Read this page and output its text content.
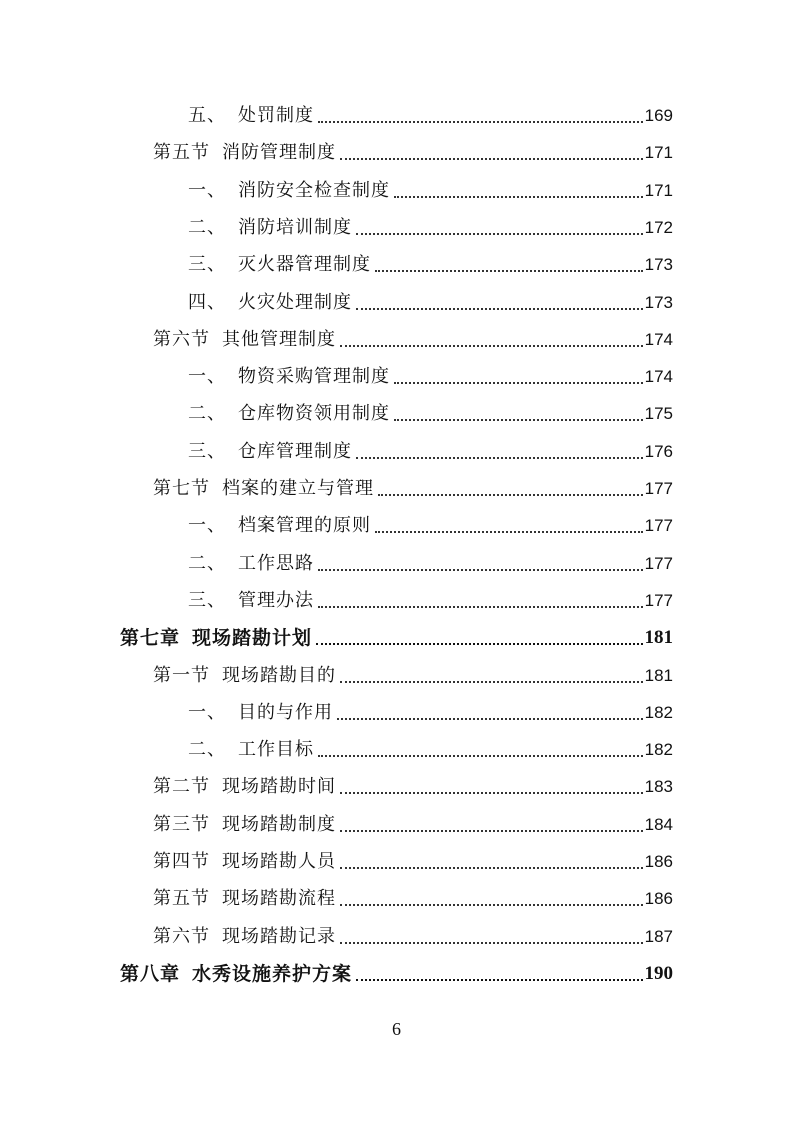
五、 处罚制度	169
第五节 消防管理制度	171
一、 消防安全检查制度	171
二、 消防培训制度	172
三、 灭火器管理制度	173
四、 火灾处理制度	173
第六节 其他管理制度	174
一、 物资采购管理制度	174
二、 仓库物资领用制度	175
三、 仓库管理制度	176
第七节 档案的建立与管理	177
一、 档案管理的原则	177
二、 工作思路	177
三、 管理办法	177
第七章 现场踏勘计划	181
第一节 现场踏勘目的	181
一、 目的与作用	182
二、 工作目标	182
第二节 现场踏勘时间	183
第三节 现场踏勘制度	184
第四节 现场踏勘人员	186
第五节 现场踏勘流程	186
第六节 现场踏勘记录	187
第八章 水秀设施养护方案	190
6
